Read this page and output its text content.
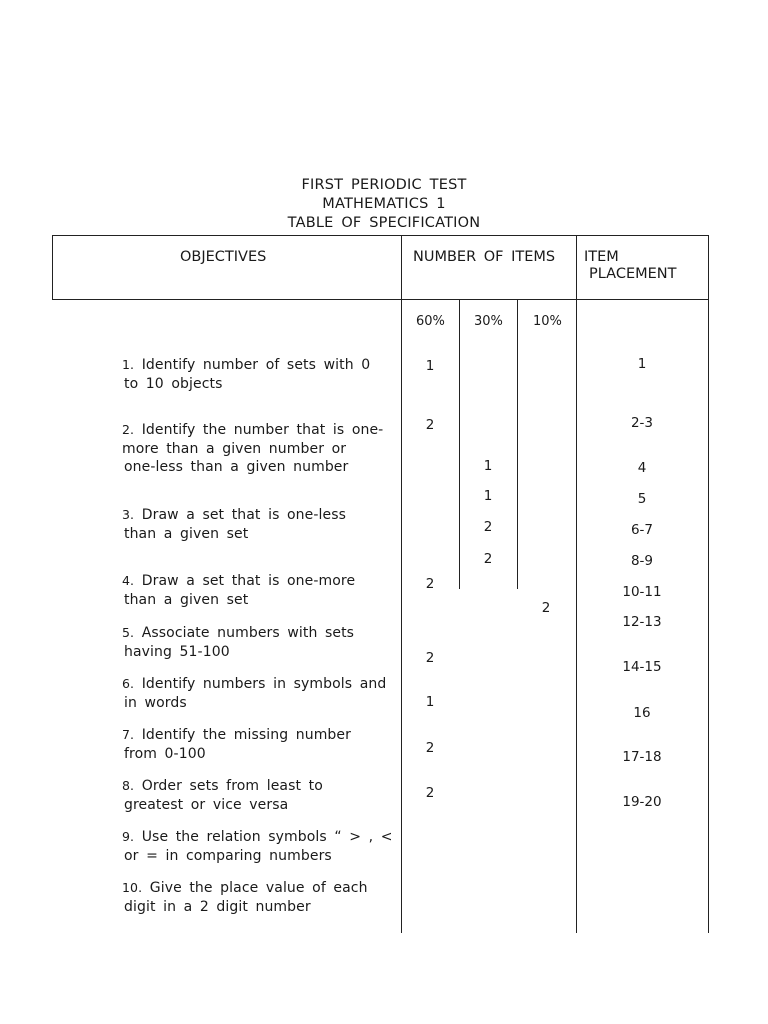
FIRST PERIODIC TEST
MATHEMATICS 1
TABLE OF SPECIFICATION
OBJECTIVES	NUMBER OF ITEMS ITEM
PLACEMENT
60% 30% 10%
1. Identify number of sets with 0
to 10 objects
2. Identify the number that is one-
more than a given number or
one-less than a given number
3. Draw a set that is one-less
than a given set
4. Draw a set that is one-more
than a given set
5. Associate numbers with sets
having 51-100
6. Identify numbers in symbols and
in words
7. Identify the missing number
from 0-100
8. Order sets from least to
greatest or vice versa
9. Use the relation symbols “ > , <
or = in comparing numbers
10. Give the place value of each
digit in a 2 digit number
1
2
2
2
1
2
2
1
1
2
2
2
1
2-3
4
5
6-7
8-9
10-11
12-13
14-15
16
17-18
19-20
